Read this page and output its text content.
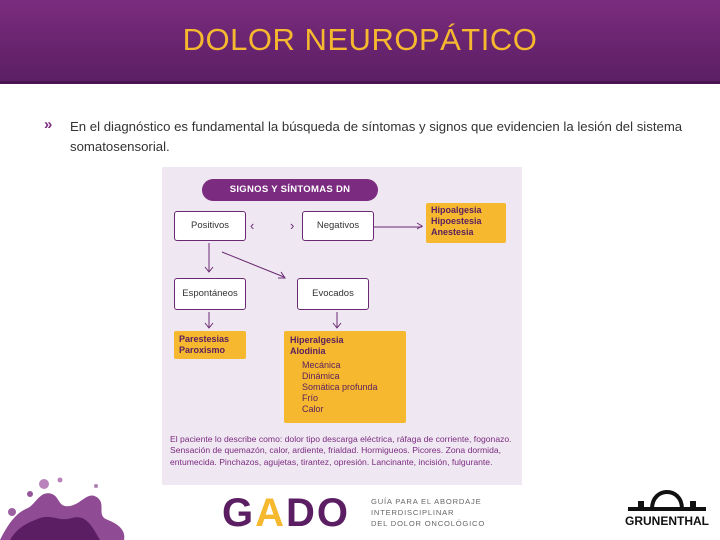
DOLOR NEUROPÁTICO
» En el diagnóstico es fundamental la búsqueda de síntomas y signos que evidencien la lesión del sistema somatosensorial.
SIGNOS Y SÍNTOMAS DN
Positivos	‹	›	Negativos
Hipoalgesia
Hipoestesia
Anestesia
Espontáneos	Evocados
Parestesias
Paroxismo
Hiperalgesia
Alodinia
Mecánica
Dinámica
Somática profunda
Frío
Calor
El paciente lo describe como: dolor tipo descarga eléctrica, ráfaga de corriente, fogonazo. Sensación de quemazón, calor, ardiente, frialdad. Hormigueos. Picores. Zona dormida, entumecida. Pinchazos, agujetas, tirantez, opresión. Lancinante, incisión, fulgurante.
GADO	GUÍA PARA EL ABORDAJE
INTERDISCIPLINAR
DEL DOLOR ONCOLÓGICO	GRUNENTHAL
